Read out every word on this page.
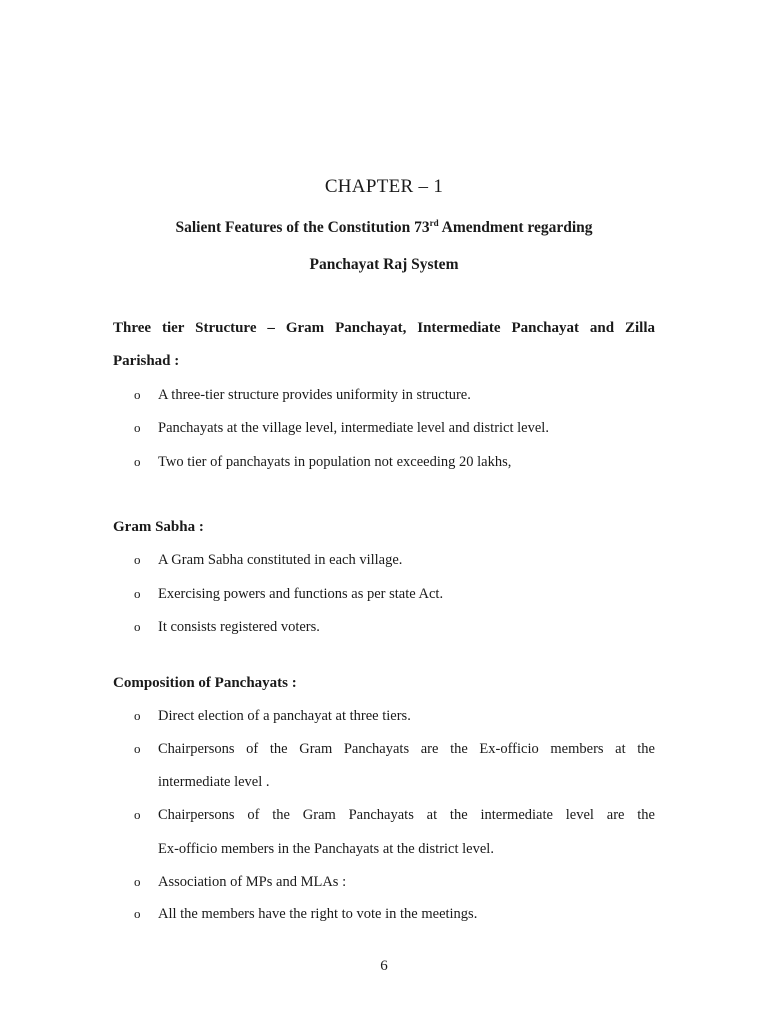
CHAPTER – 1
Salient Features of the Constitution 73rd Amendment regarding
Panchayat Raj System
Three tier Structure – Gram Panchayat, Intermediate Panchayat and Zilla
Parishad :
o A three-tier structure provides uniformity in structure.
o Panchayats at the village level, intermediate level and district level.
o Two tier of panchayats in population not exceeding 20 lakhs,
Gram Sabha :
o A Gram Sabha constituted in each village.
o Exercising powers and functions as per state Act.
o It consists registered voters.
Composition of Panchayats :
o Direct election of a panchayat at three tiers.
o Chairpersons of the Gram Panchayats are the Ex-officio members at the
intermediate level .
o Chairpersons of the Gram Panchayats at the intermediate level are the
Ex-officio members in the Panchayats at the district level.
o Association of MPs and MLAs :
o All the members have the right to vote in the meetings.
6
